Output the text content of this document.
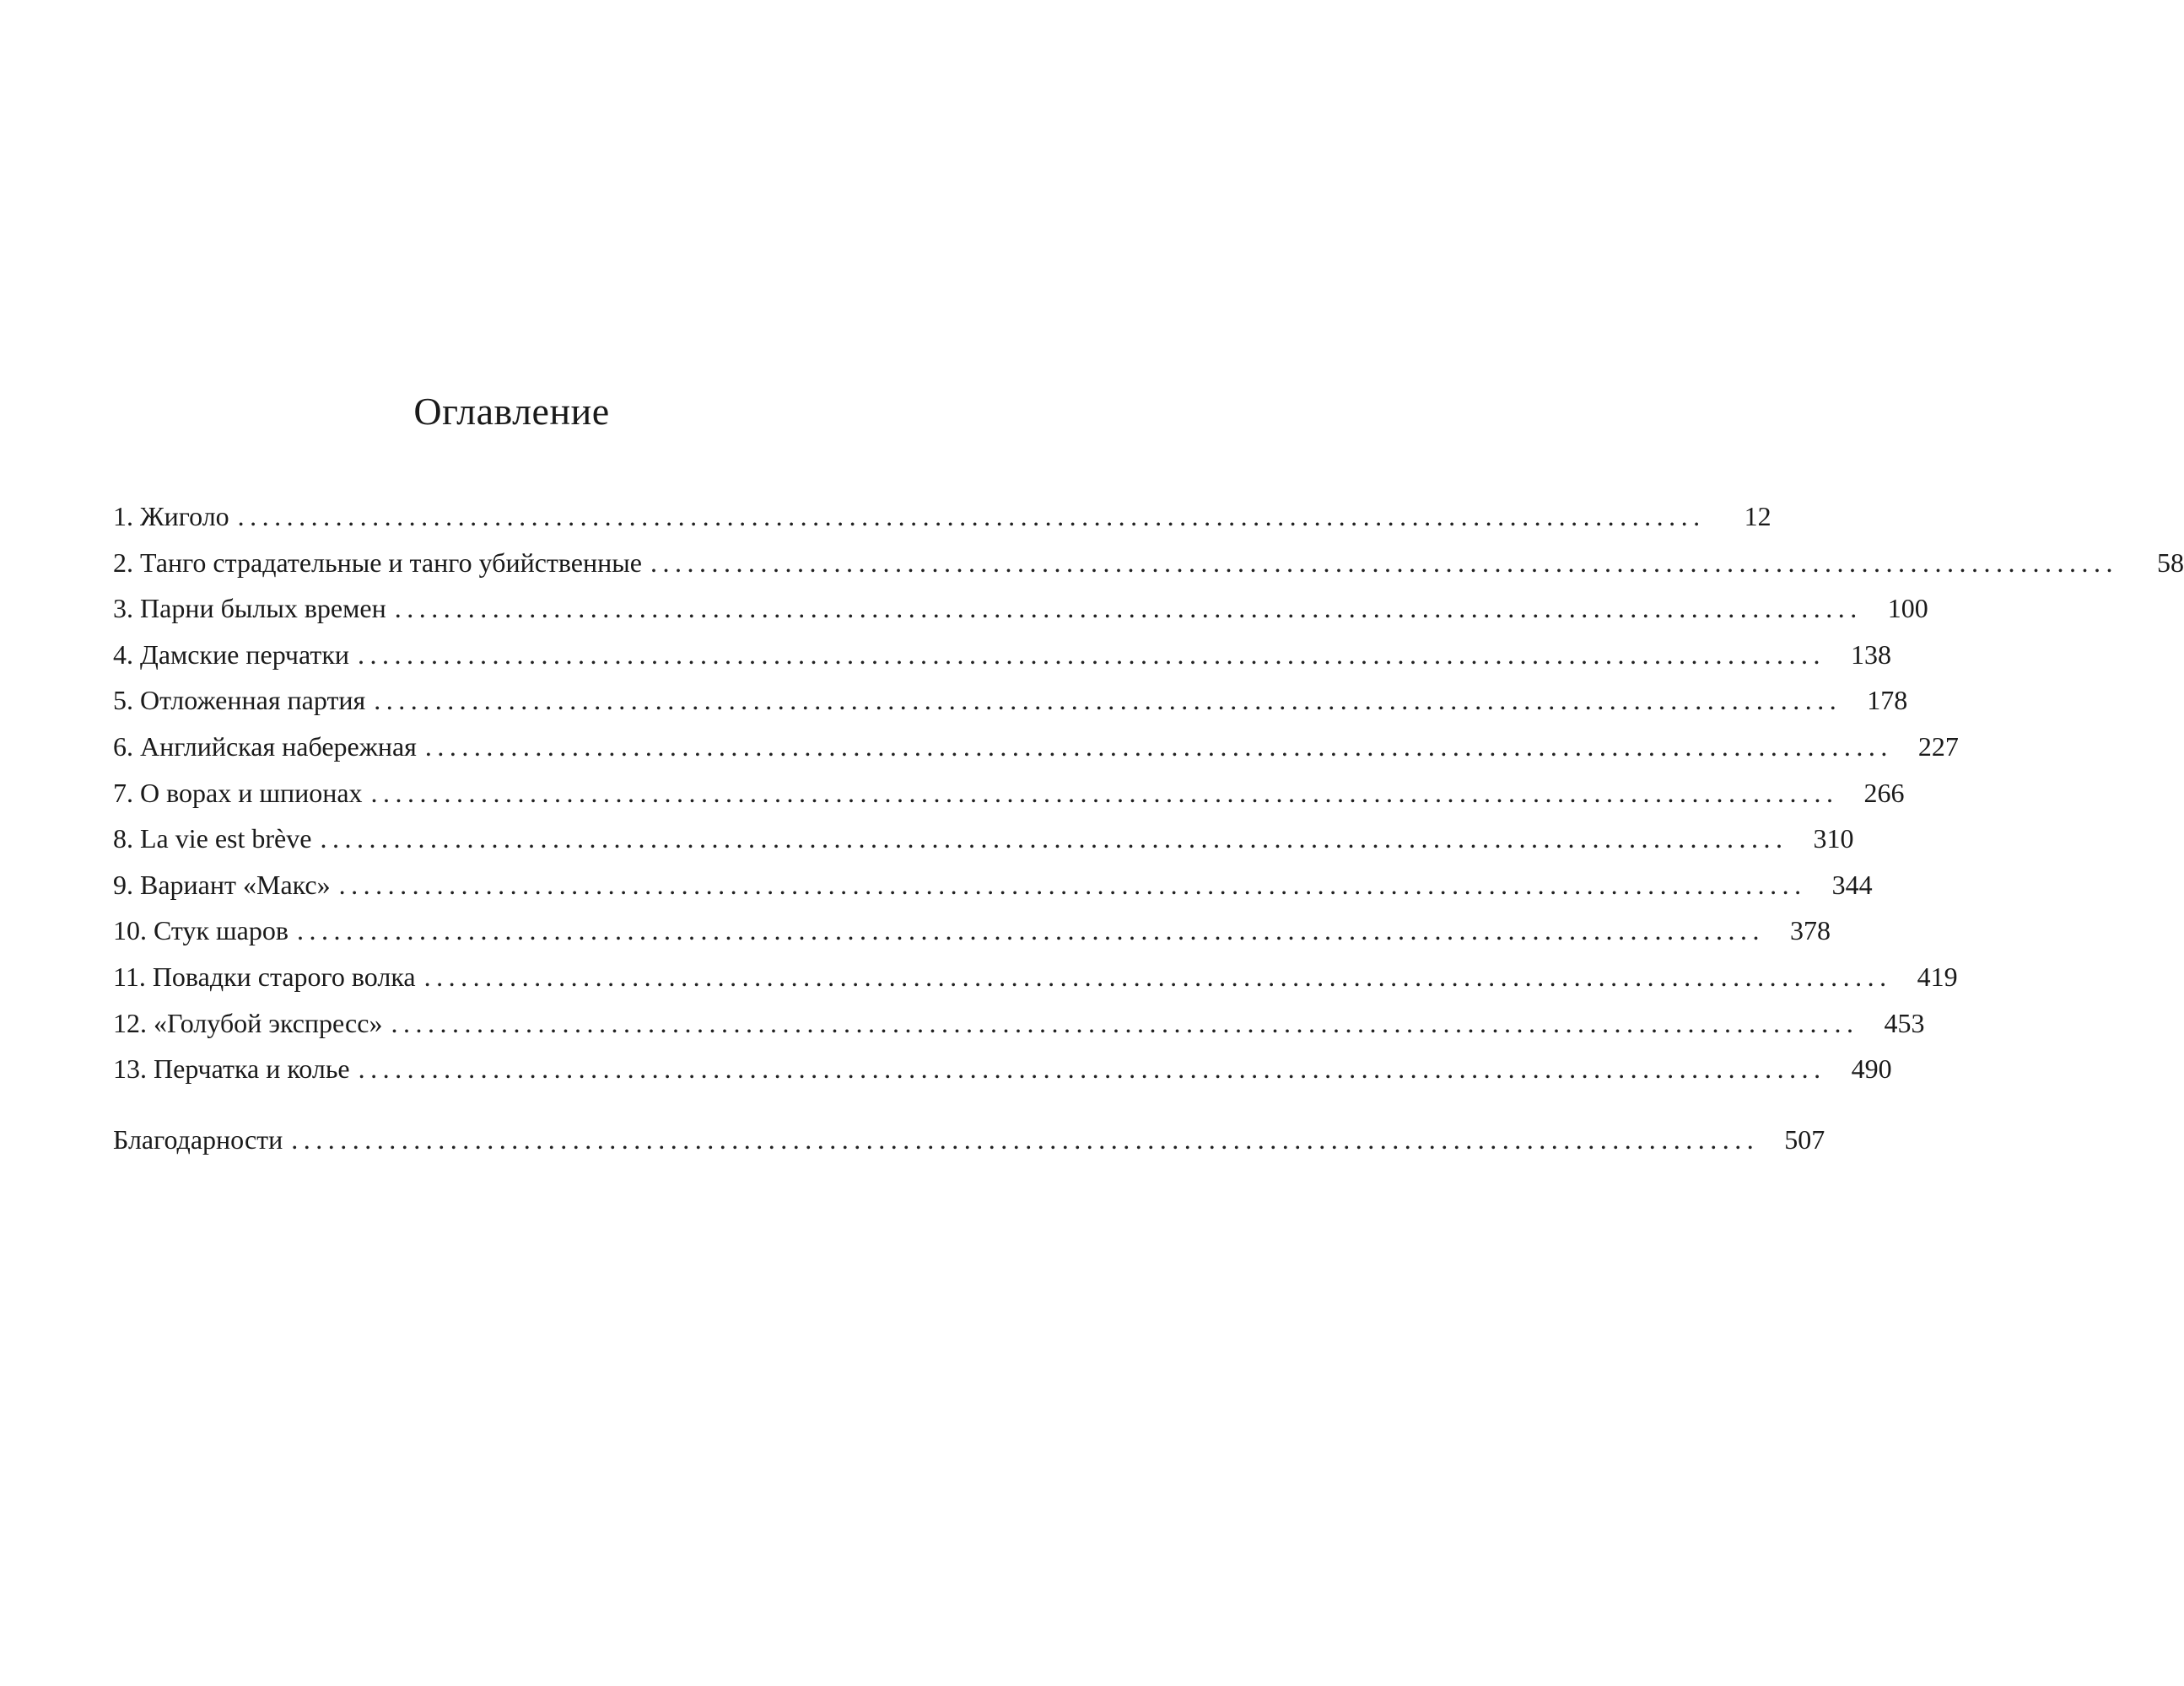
Оглавление
1. Жиголо ........................................................................................................................	12
2. Танго страдательные и танго убийственные ........................................................................................................................	58
3. Парни былых времен ........................................................................................................................ 100
4. Дамские перчатки ........................................................................................................................ 138
5. Отложенная партия ........................................................................................................................ 178
6. Английская набережная ........................................................................................................................ 227
7. О ворах и шпионах ........................................................................................................................ 266
8. La vie est brève ........................................................................................................................ 310
9. Вариант «Макс» ........................................................................................................................ 344
10. Стук шаров ........................................................................................................................ 378
11. Повадки старого волка ........................................................................................................................ 419
12. «Голубой экспресс» ........................................................................................................................ 453
13. Перчатка и колье ........................................................................................................................ 490
Благодарности ........................................................................................................................ 507
